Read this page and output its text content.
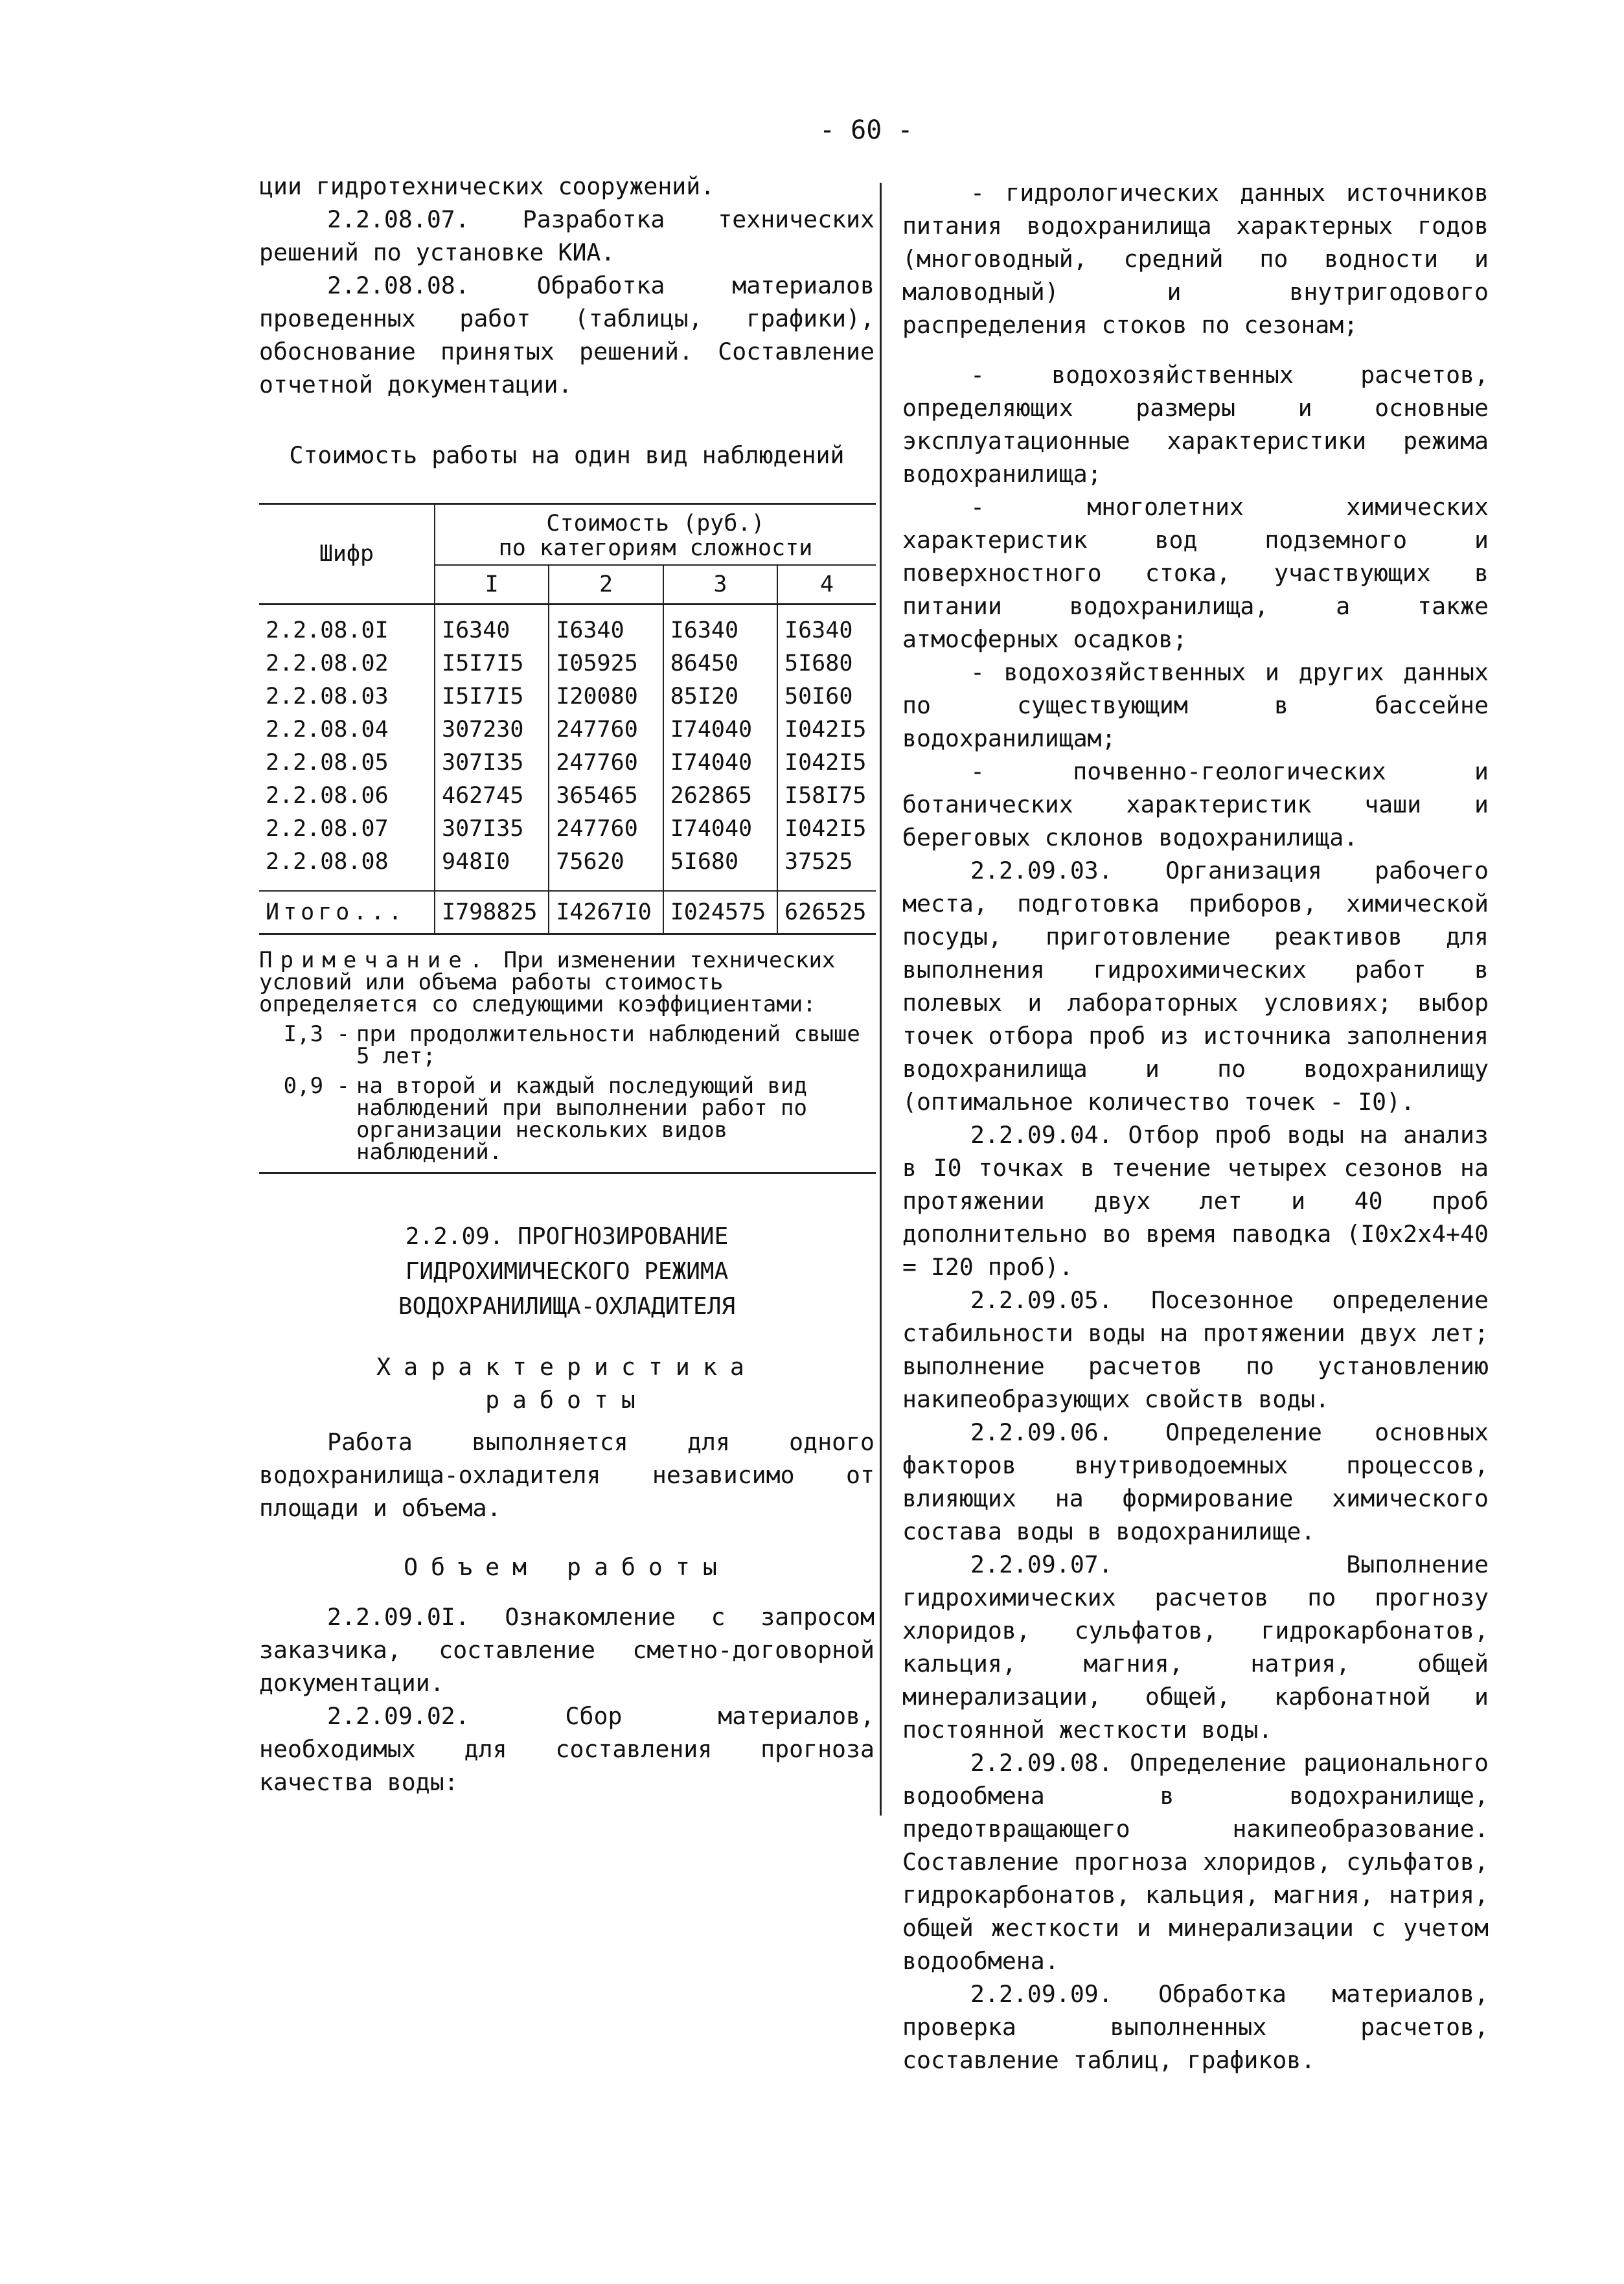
- 60 -

ции гидротехнических сооружений.

2.2.08.07. Разработка технических решений по установке КИА.

2.2.08.08. Обработка материалов проведенных работ (таблицы, графики), обоснование принятых решений. Составление отчетной документации.

Стоимость работы на один вид наблюдений

Шифр	Стоимость (руб.)
по категориям сложности			

	I	2	3	4
2.2.08.0I	I6340	I6340	I6340	I6340
2.2.08.02	I5I7I5	I05925	86450	5I680
2.2.08.03	I5I7I5	I20080	85I20	50I60
2.2.08.04	307230	247760	I74040	I042I5
2.2.08.05	307I35	247760	I74040	I042I5
2.2.08.06	462745	365465	262865	I58I75
2.2.08.07	307I35	247760	I74040	I042I5
2.2.08.08	948I0	75620	5I680	37525
Итого...	I798825	I4267I0	I024575	626525
Примечание. При изменении технических условий или объема работы стоимость определяется со следующими коэффициентами:
I,3 - при продолжительности наблюдений свыше 5 лет;
0,9 - на второй и каждый последующий вид наблюдений при выполнении работ по организации нескольких видов наблюдений.
2.2.09. ПРОГНОЗИРОВАНИЕ
ГИДРОХИМИЧЕСКОГО РЕЖИМА
ВОДОХРАНИЛИЩА-ОХЛАДИТЕЛЯ
Характеристика
работы

Работа выполняется для одного водохранилища-охладителя независимо от площади и объема.

Объем работы

2.2.09.0I. Ознакомление с запросом заказчика, составление сметно-договорной документации.

2.2.09.02. Сбор материалов, необходимых для составления прогноза качества воды:

- гидрологических данных источников питания водохранилища характерных годов (многоводный, средний по водности и маловодный) и внутригодового распределения стоков по сезонам;

- водохозяйственных расчетов, определяющих размеры и основные эксплуатационные характеристики режима водохранилища;

- многолетних химических характеристик вод подземного и поверхностного стока, участвующих в питании водохранилища, а также атмосферных осадков;

- водохозяйственных и других данных по существующим в бассейне водохранилищам;

- почвенно-геологических и ботанических характеристик чаши и береговых склонов водохранилища.

2.2.09.03. Организация рабочего места, подготовка приборов, химической посуды, приготовление реактивов для выполнения гидрохимических работ в полевых и лабораторных условиях; выбор точек отбора проб из источника заполнения водохранилища и по водохранилищу (оптимальное количество точек - I0).

2.2.09.04. Отбор проб воды на анализ в I0 точках в течение четырех сезонов на протяжении двух лет и 40 проб дополнительно во время паводка (I0x2x4+40 = I20 проб).

2.2.09.05. Посезонное определение стабильности воды на протяжении двух лет; выполнение расчетов по установлению накипеобразующих свойств воды.

2.2.09.06. Определение основных факторов внутриводоемных процессов, влияющих на формирование химического состава воды в водохранилище.

2.2.09.07. Выполнение гидрохимических расчетов по прогнозу хлоридов, сульфатов, гидрокарбонатов, кальция, магния, натрия, общей минерализации, общей, карбонатной и постоянной жесткости воды.

2.2.09.08. Определение рационального водообмена в водохранилище, предотвращающего накипеобразование. Составление прогноза хлоридов, сульфатов, гидрокарбонатов, кальция, магния, натрия, общей жесткости и минерализации с учетом водообмена.

2.2.09.09. Обработка материалов, проверка выполненных расчетов, составление таблиц, графиков.
